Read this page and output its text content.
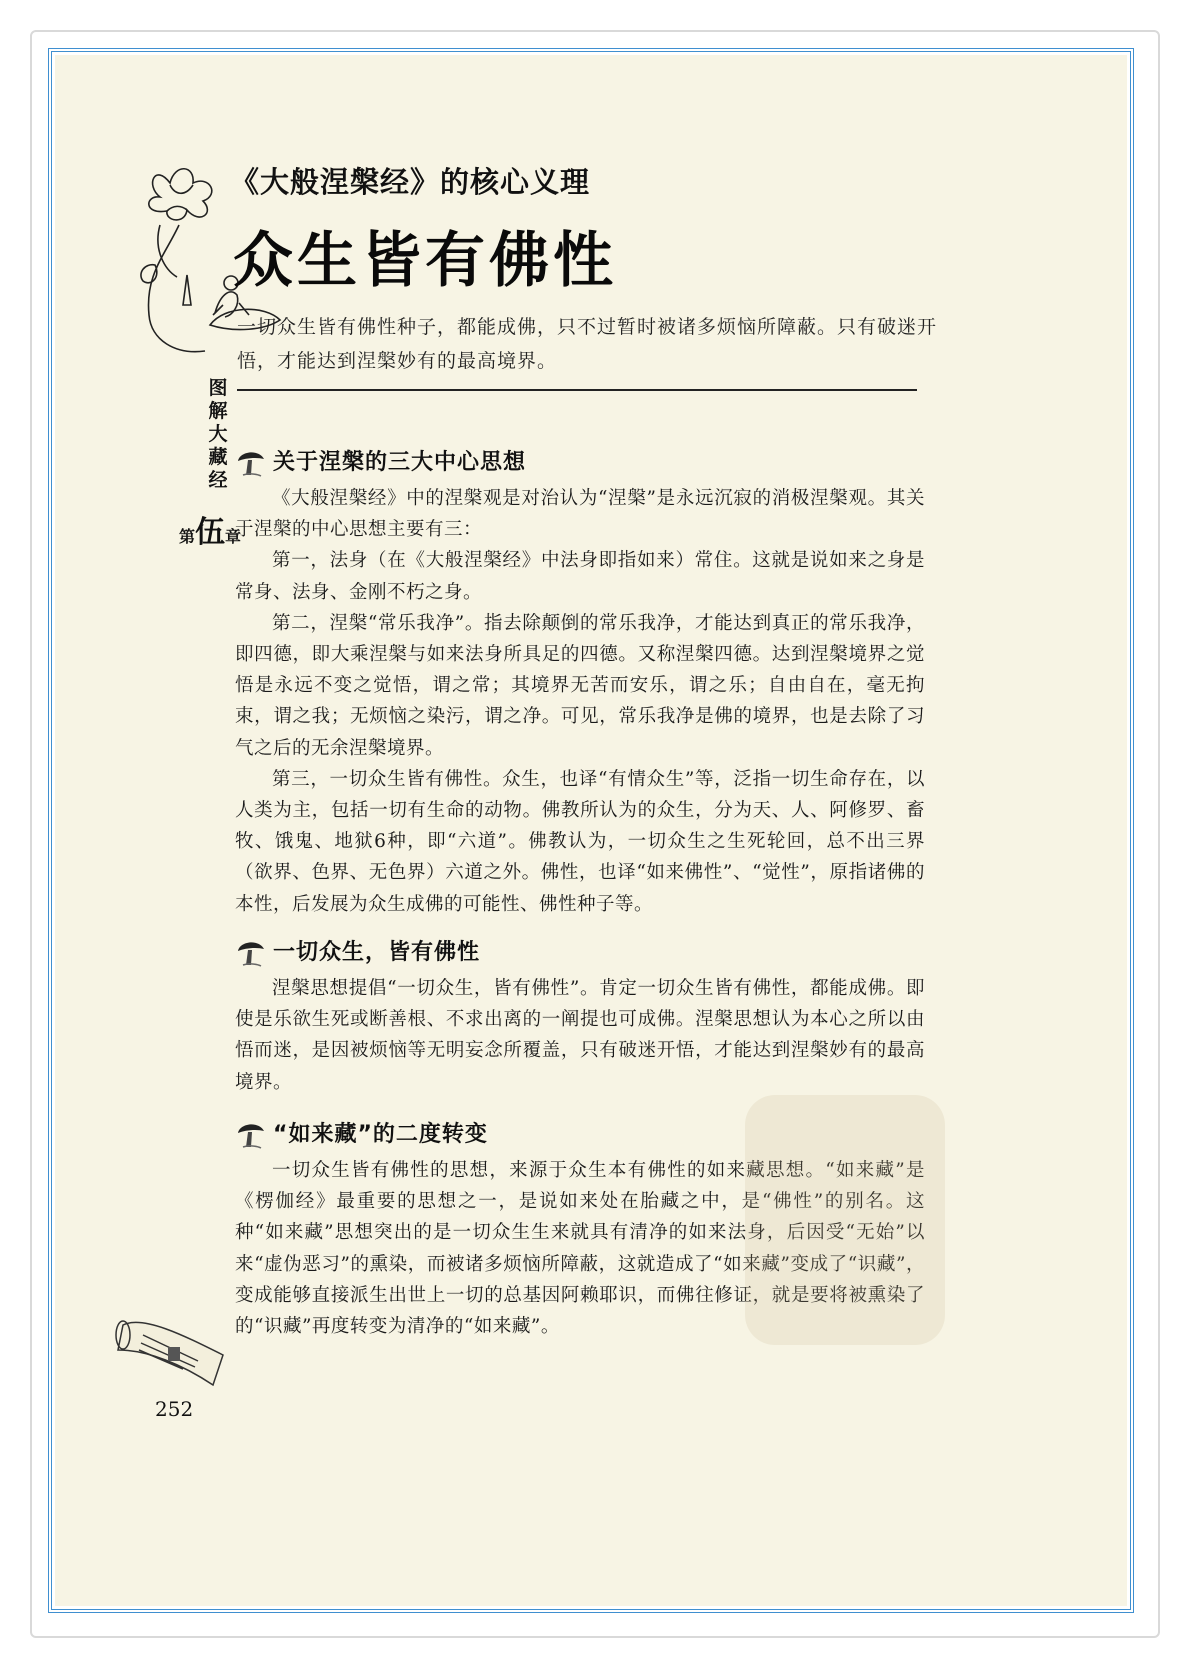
图
解
大
藏
经
第伍章
《大般涅槃经》的核心义理
众生皆有佛性
一切众生皆有佛性种子，都能成佛，只不过暂时被诸多烦恼所障蔽。只有破迷开悟，才能达到涅槃妙有的最高境界。
关于涅槃的三大中心思想

《大般涅槃经》中的涅槃观是对治认为“涅槃”是永远沉寂的消极涅槃观。其关于涅槃的中心思想主要有三：

第一，法身（在《大般涅槃经》中法身即指如来）常住。这就是说如来之身是常身、法身、金刚不朽之身。

第二，涅槃“常乐我净”。指去除颠倒的常乐我净，才能达到真正的常乐我净，即四德，即大乘涅槃与如来法身所具足的四德。又称涅槃四德。达到涅槃境界之觉悟是永远不变之觉悟，谓之常；其境界无苦而安乐，谓之乐；自由自在，毫无拘束，谓之我；无烦恼之染污，谓之净。可见，常乐我净是佛的境界，也是去除了习气之后的无余涅槃境界。

第三，一切众生皆有佛性。众生，也译“有情众生”等，泛指一切生命存在，以人类为主，包括一切有生命的动物。佛教所认为的众生，分为天、人、阿修罗、畜牧、饿鬼、地狱6种，即“六道”。佛教认为，一切众生之生死轮回，总不出三界（欲界、色界、无色界）六道之外。佛性，也译“如来佛性”、“觉性”，原指诸佛的本性，后发展为众生成佛的可能性、佛性种子等。

一切众生，皆有佛性

涅槃思想提倡“一切众生，皆有佛性”。肯定一切众生皆有佛性，都能成佛。即使是乐欲生死或断善根、不求出离的一阐提也可成佛。涅槃思想认为本心之所以由悟而迷，是因被烦恼等无明妄念所覆盖，只有破迷开悟，才能达到涅槃妙有的最高境界。

“如来藏”的二度转变

一切众生皆有佛性的思想，来源于众生本有佛性的如来藏思想。“如来藏”是《楞伽经》最重要的思想之一，是说如来处在胎藏之中，是“佛性”的别名。这种“如来藏”思想突出的是一切众生生来就具有清净的如来法身，后因受“无始”以来“虚伪恶习”的熏染，而被诸多烦恼所障蔽，这就造成了“如来藏”变成了“识藏”，变成能够直接派生出世上一切的总基因阿赖耶识，而佛往修证，就是要将被熏染了的“识藏”再度转变为清净的“如来藏”。

252
